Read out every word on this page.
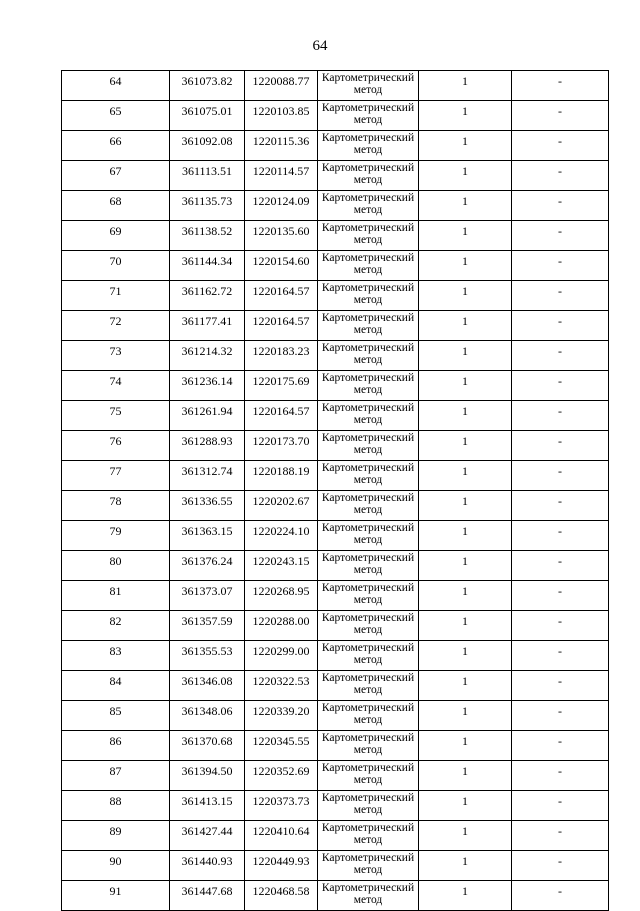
64
64	361073.82	1220088.77	Картометрический метод	1	-
65	361075.01	1220103.85	Картометрический метод	1	-
66	361092.08	1220115.36	Картометрический метод	1	-
67	361113.51	1220114.57	Картометрический метод	1	-
68	361135.73	1220124.09	Картометрический метод	1	-
69	361138.52	1220135.60	Картометрический метод	1	-
70	361144.34	1220154.60	Картометрический метод	1	-
71	361162.72	1220164.57	Картометрический метод	1	-
72	361177.41	1220164.57	Картометрический метод	1	-
73	361214.32	1220183.23	Картометрический метод	1	-
74	361236.14	1220175.69	Картометрический метод	1	-
75	361261.94	1220164.57	Картометрический метод	1	-
76	361288.93	1220173.70	Картометрический метод	1	-
77	361312.74	1220188.19	Картометрический метод	1	-
78	361336.55	1220202.67	Картометрический метод	1	-
79	361363.15	1220224.10	Картометрический метод	1	-
80	361376.24	1220243.15	Картометрический метод	1	-
81	361373.07	1220268.95	Картометрический метод	1	-
82	361357.59	1220288.00	Картометрический метод	1	-
83	361355.53	1220299.00	Картометрический метод	1	-
84	361346.08	1220322.53	Картометрический метод	1	-
85	361348.06	1220339.20	Картометрический метод	1	-
86	361370.68	1220345.55	Картометрический метод	1	-
87	361394.50	1220352.69	Картометрический метод	1	-
88	361413.15	1220373.73	Картометрический метод	1	-
89	361427.44	1220410.64	Картометрический метод	1	-
90	361440.93	1220449.93	Картометрический метод	1	-
91	361447.68	1220468.58	Картометрический метод	1	-
